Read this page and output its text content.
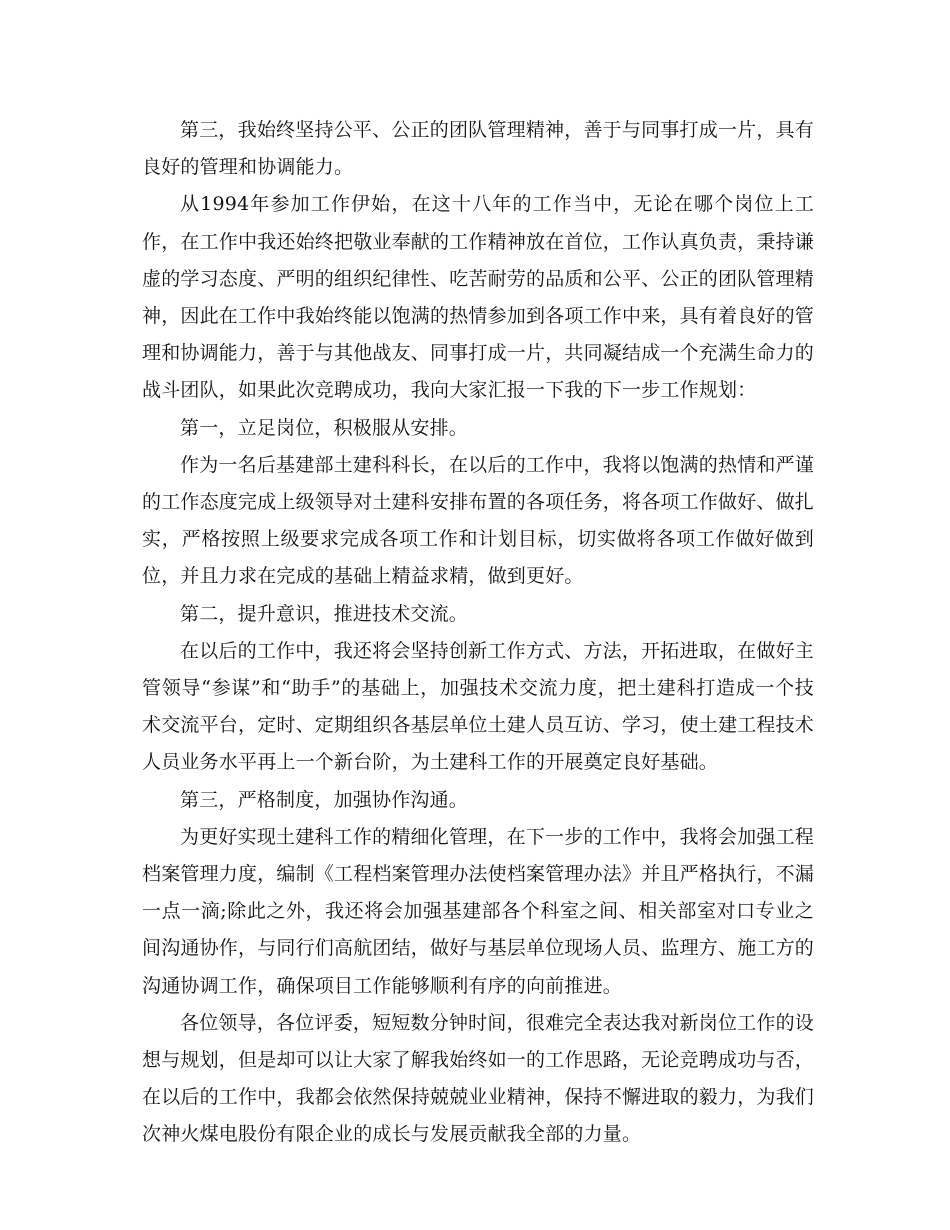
第三，我始终坚持公平、公正的团队管理精神，善于与同事打成一片，具有良好的管理和协调能力。

从1994年参加工作伊始，在这十八年的工作当中，无论在哪个岗位上工作，在工作中我还始终把敬业奉献的工作精神放在首位，工作认真负责，秉持谦虚的学习态度、严明的组织纪律性、吃苦耐劳的品质和公平、公正的团队管理精神，因此在工作中我始终能以饱满的热情参加到各项工作中来，具有着良好的管理和协调能力，善于与其他战友、同事打成一片，共同凝结成一个充满生命力的战斗团队，如果此次竞聘成功，我向大家汇报一下我的下一步工作规划：

第一，立足岗位，积极服从安排。

作为一名后基建部土建科科长，在以后的工作中，我将以饱满的热情和严谨的工作态度完成上级领导对土建科安排布置的各项任务，将各项工作做好、做扎实，严格按照上级要求完成各项工作和计划目标，切实做将各项工作做好做到位，并且力求在完成的基础上精益求精，做到更好。

第二，提升意识，推进技术交流。

在以后的工作中，我还将会坚持创新工作方式、方法，开拓进取，在做好主管领导“参谋”和“助手”的基础上，加强技术交流力度，把土建科打造成一个技术交流平台，定时、定期组织各基层单位土建人员互访、学习，使土建工程技术人员业务水平再上一个新台阶，为土建科工作的开展奠定良好基础。

第三，严格制度，加强协作沟通。

为更好实现土建科工作的精细化管理，在下一步的工作中，我将会加强工程档案管理力度，编制《工程档案管理办法使档案管理办法》并且严格执行，不漏一点一滴;除此之外，我还将会加强基建部各个科室之间、相关部室对口专业之间沟通协作，与同行们高航团结，做好与基层单位现场人员、监理方、施工方的沟通协调工作，确保项目工作能够顺利有序的向前推进。

各位领导，各位评委，短短数分钟时间，很难完全表达我对新岗位工作的设想与规划，但是却可以让大家了解我始终如一的工作思路，无论竞聘成功与否，在以后的工作中，我都会依然保持兢兢业业精神，保持不懈进取的毅力，为我们次神火煤电股份有限企业的成长与发展贡献我全部的力量。
